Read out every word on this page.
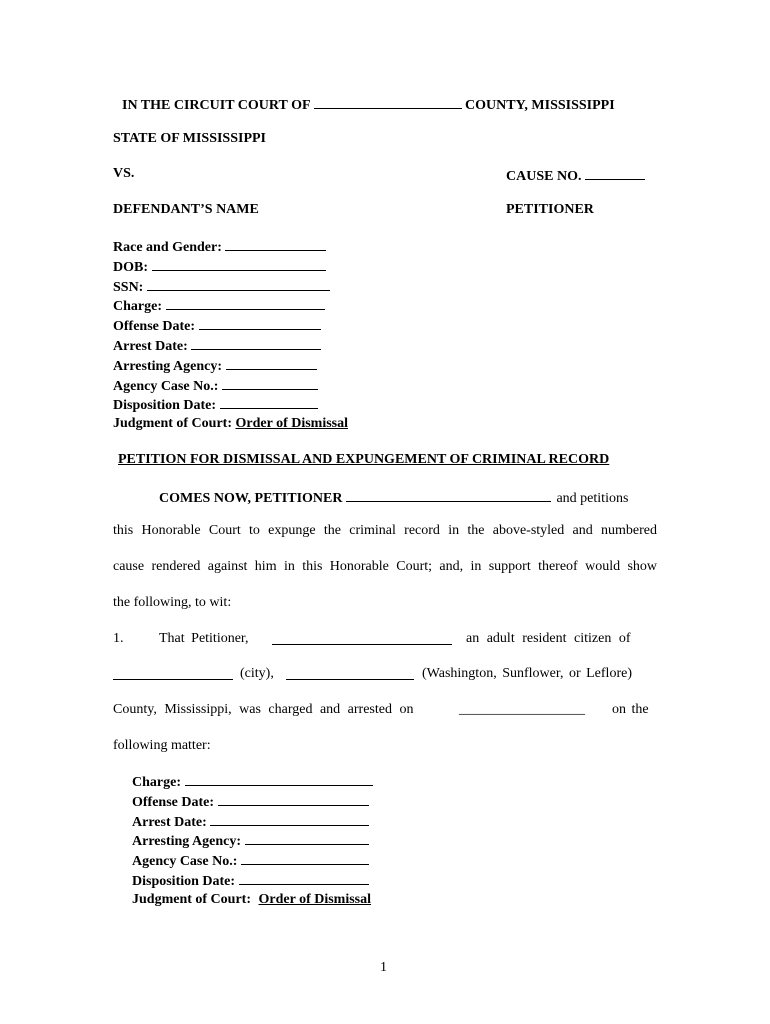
IN THE CIRCUIT COURT OF	COUNTY, MISSISSIPPI
STATE OF MISSISSIPPI
VS.	CAUSE NO.
DEFENDANT’S NAME	PETITIONER
Race and Gender:
DOB:
SSN:
Charge:
Offense Date:
Arrest Date:
Arresting Agency:
Agency Case No.:
Disposition Date:
Judgment of Court: Order of Dismissal
PETITION FOR DISMISSAL AND EXPUNGEMENT OF CRIMINAL RECORD
COMES NOW, PETITIONER	and petitions
this Honorable Court to expunge the criminal record in the above-styled and numbered
cause rendered against him in this Honorable Court; and, in support thereof would show
the following, to wit:
1.	That Petitioner,	an adult resident citizen of
(city),	(Washington, Sunflower, or Leflore)
County, Mississippi, was charged and arrested on	__________________ on the
following matter:
Charge:
Offense Date:
Arrest Date:
Arresting Agency:
Agency Case No.:
Disposition Date:
Judgment of Court: Order of Dismissal
1
